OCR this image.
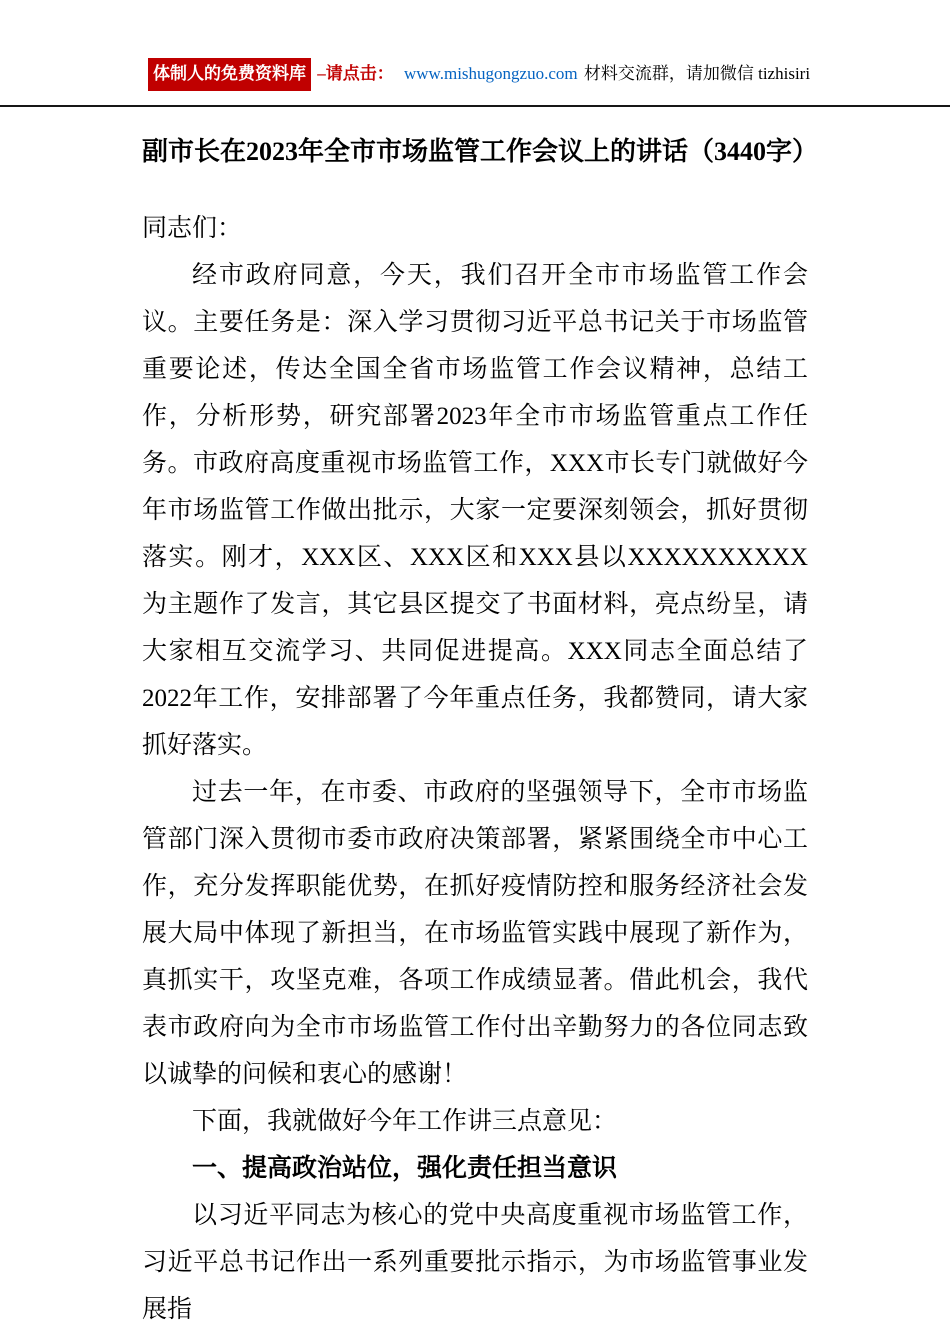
体制人的免费资料库 –请点击： www.mishugongzuo.com 材料交流群，请加微信 tizhisiri
副市长在2023年全市市场监管工作会议上的讲话（3440字）

同志们：

经市政府同意，今天，我们召开全市市场监管工作会议。主要任务是：深入学习贯彻习近平总书记关于市场监管重要论述，传达全国全省市场监管工作会议精神，总结工作，分析形势，研究部署2023年全市市场监管重点工作任务。市政府高度重视市场监管工作，XXX市长专门就做好今年市场监管工作做出批示，大家一定要深刻领会，抓好贯彻落实。刚才，XXX区、XXX区和XXX县以XXXXXXXXXX为主题作了发言，其它县区提交了书面材料，亮点纷呈，请大家相互交流学习、共同促进提高。XXX同志全面总结了2022年工作，安排部署了今年重点任务，我都赞同，请大家抓好落实。

过去一年，在市委、市政府的坚强领导下，全市市场监管部门深入贯彻市委市政府决策部署，紧紧围绕全市中心工作，充分发挥职能优势，在抓好疫情防控和服务经济社会发展大局中体现了新担当，在市场监管实践中展现了新作为，真抓实干，攻坚克难，各项工作成绩显著。借此机会，我代表市政府向为全市市场监管工作付出辛勤努力的各位同志致以诚挚的问候和衷心的感谢！

下面，我就做好今年工作讲三点意见：

一、提高政治站位，强化责任担当意识

以习近平同志为核心的党中央高度重视市场监管工作，习近平总书记作出一系列重要批示指示，为市场监管事业发展指
